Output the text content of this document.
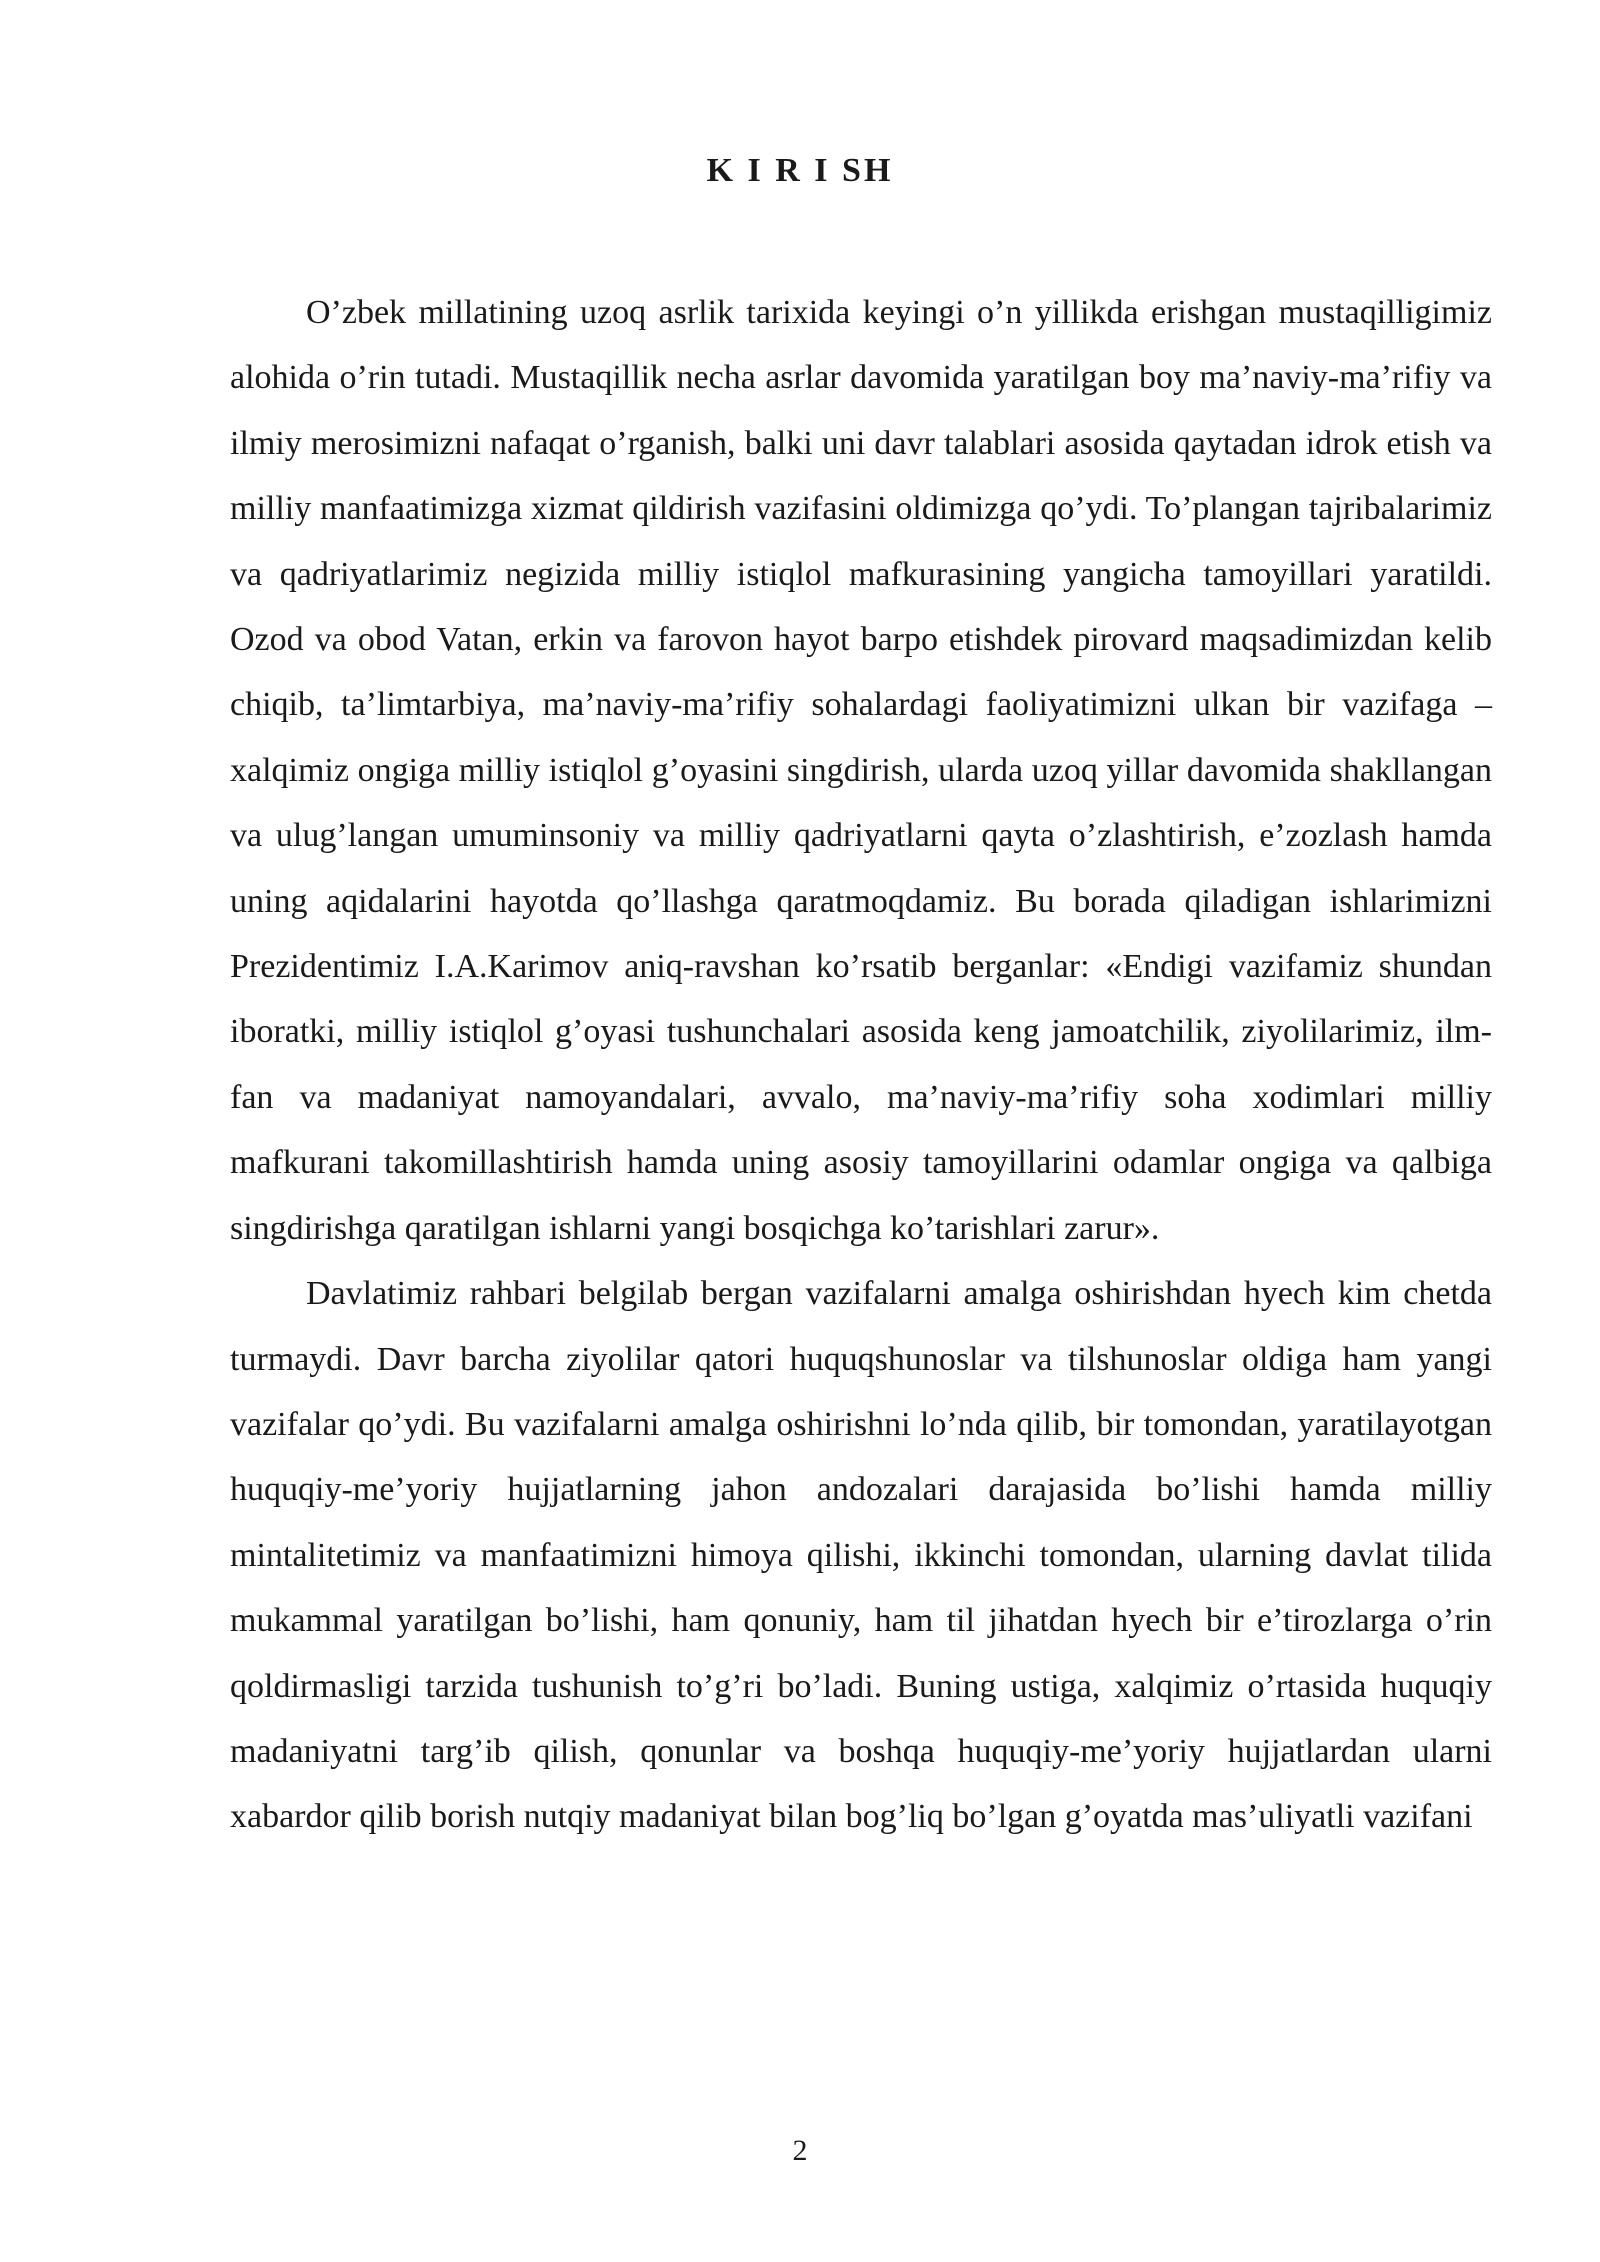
K I R I SH

O’zbek millatining uzoq asrlik tarixida keyingi o’n yillikda erishgan mustaqilligimiz alohida o’rin tutadi. Mustaqillik necha asrlar davomida yaratilgan boy ma’naviy-ma’rifiy va ilmiy merosimizni nafaqat o’rganish, balki uni davr talablari asosida qaytadan idrok etish va milliy manfaatimizga xizmat qildirish vazifasini oldimizga qo’ydi. To’plangan tajribalarimiz va qadriyatlarimiz negizida milliy istiqlol mafkurasining yangicha tamoyillari yaratildi. Ozod va obod Vatan, erkin va farovon hayot barpo etishdek pirovard maqsadimizdan kelib chiqib, ta’limtarbiya, ma’naviy-ma’rifiy sohalardagi faoliyatimizni ulkan bir vazifaga – xalqimiz ongiga milliy istiqlol g’oyasini singdirish, ularda uzoq yillar davomida shakllangan va ulug’langan umuminsoniy va milliy qadriyatlarni qayta o’zlashtirish, e’zozlash hamda uning aqidalarini hayotda qo’llashga qaratmoqdamiz. Bu borada qiladigan ishlarimizni Prezidentimiz I.A.Karimov aniq-ravshan ko’rsatib berganlar: «Endigi vazifamiz shundan iboratki, milliy istiqlol g’oyasi tushunchalari asosida keng jamoatchilik, ziyolilarimiz, ilm-fan va madaniyat namoyandalari, avvalo, ma’naviy-ma’rifiy soha xodimlari milliy mafkurani takomillashtirish hamda uning asosiy tamoyillarini odamlar ongiga va qalbiga singdirishga qaratilgan ishlarni yangi bosqichga ko’tarishlari zarur».

Davlatimiz rahbari belgilab bergan vazifalarni amalga oshirishdan hyech kim chetda turmaydi. Davr barcha ziyolilar qatori huquqshunoslar va tilshunoslar oldiga ham yangi vazifalar qo’ydi. Bu vazifalarni amalga oshirishni lo’nda qilib, bir tomondan, yaratilayotgan huquqiy-me’yoriy hujjatlarning jahon andozalari darajasida bo’lishi hamda milliy mintalitetimiz va manfaatimizni himoya qilishi, ikkinchi tomondan, ularning davlat tilida mukammal yaratilgan bo’lishi, ham qonuniy, ham til jihatdan hyech bir e’tirozlarga o’rin qoldirmasligi tarzida tushunish to’g’ri bo’ladi. Buning ustiga, xalqimiz o’rtasida huquqiy madaniyatni targ’ib qilish, qonunlar va boshqa huquqiy-me’yoriy hujjatlardan ularni xabardor qilib borish nutqiy madaniyat bilan bog’liq bo’lgan g’oyatda mas’uliyatli vazifani

2
